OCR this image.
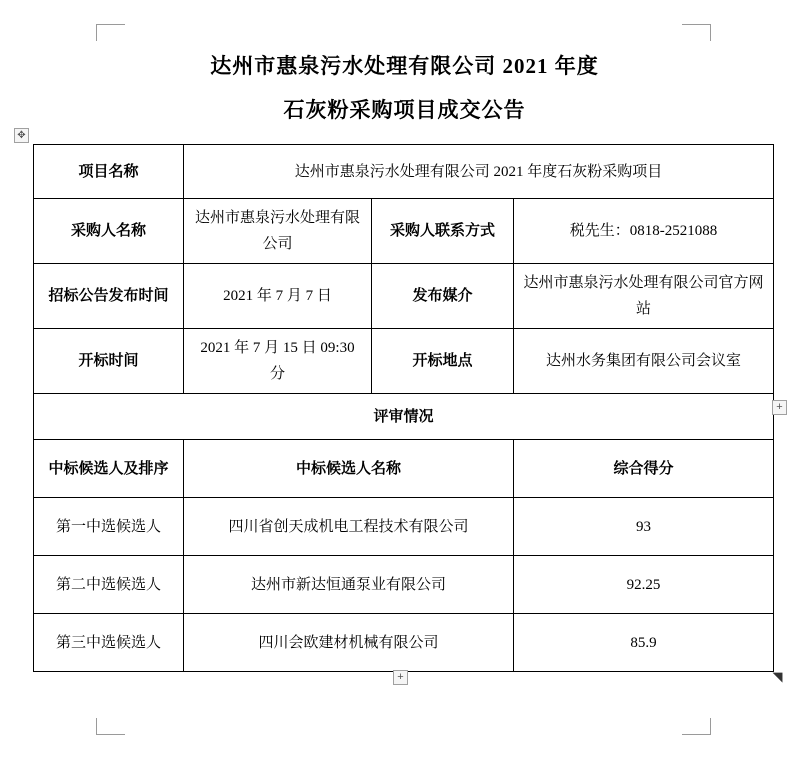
达州市惠泉污水处理有限公司 2021 年度
石灰粉采购项目成交公告
项目名称	达州市惠泉污水处理有限公司 2021 年度石灰粉采购项目		
采购人名称	达州市惠泉污水处理有限公司	采购人联系方式	税先生：0818-2521088
招标公告发布时间	2021 年 7 月 7 日	发布媒介	达州市惠泉污水处理有限公司官方网站
开标时间	2021 年 7 月 15 日 09:30 分	开标地点	达州水务集团有限公司会议室
评审情况			
中标候选人及排序	中标候选人名称		综合得分
第一中选候选人	四川省创天成机电工程技术有限公司		93
第二中选候选人	达州市新达恒通泵业有限公司		92.25
第三中选候选人	四川会欧建材机械有限公司		85.9
✥
+
+	◥
